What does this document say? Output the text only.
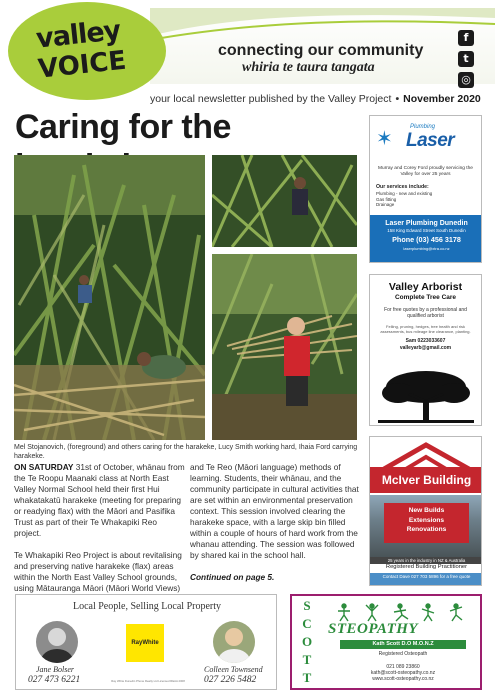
valley
VOICE	connecting our community
whiria te taura tangata
f
t
◎
your local newsletter published by the Valley Project • November 2020
Caring for the
Mel Stojanovich, (foreground) and others caring for the harakeke, Lucy Smith working hard, Ihaia Ford carrying harakeke.

ON SATURDAY 31st of October, whānau from the Te Roopu Maanaki class at North East Valley Normal School held their first Hui whakatakatū harakeke (meeting for preparing or readying flax) with the Māori and Pasifika Trust as part of their Te Whakapiki Reo project.

Te Whakapiki Reo Project is about revitalising and preserving native harakeke (flax) areas within the North East Valley School grounds, using Mātauranga Māori (Māori World Views)

and Te Reo (Māori language) methods of learning. Students, their whānau, and the community participate in cultural activities that are set within an environmental preservation context. This session involved clearing the harakeke space, with a large skip bin filled within a couple of hours of hard work from the whanau attending. The session was followed by shared kai in the school hall.

Continued on page 5.
✶	Plumbing
Laser
Murray and Corey Ford proudly servicing the Valley for over 25 years
Our services include:
Plumbing - new and existing
Gas fitting
Drainage
Laser Plumbing Dunedin
158 King Edward Street South Dunedin
Phone (03) 456 3178
laserplumbing@xtra.co.nz
Valley Arborist
Complete Tree Care
For free quotes by a professional and qualified arborist
Felling, pruning, hedges, tree health and risk assessments, bus mileage line clearance, planting.
Sam 0223033607
valleyarb@gmail.com
McIver Building
New Builds
Extensions
Renovations
25 years in the industry in NZ & Australia
Registered Building Practitioner
Contact Dave 027 703 5896 for a free quote
Local People, Selling Local Property
Jane Bolser
027 473 6221
RayWhite
Colleen Townsend
027 226 5482
Ray White Dunedin Phone Realty Ltd Licensed REAA 2008
S
C
O
T
T
STEOPATHY
Kath Scott D.O M.O.N.Z
Registered Osteopath
021 089 23860
kath@scott-osteopathy.co.nz
www.scott-osteopathy.co.nz
